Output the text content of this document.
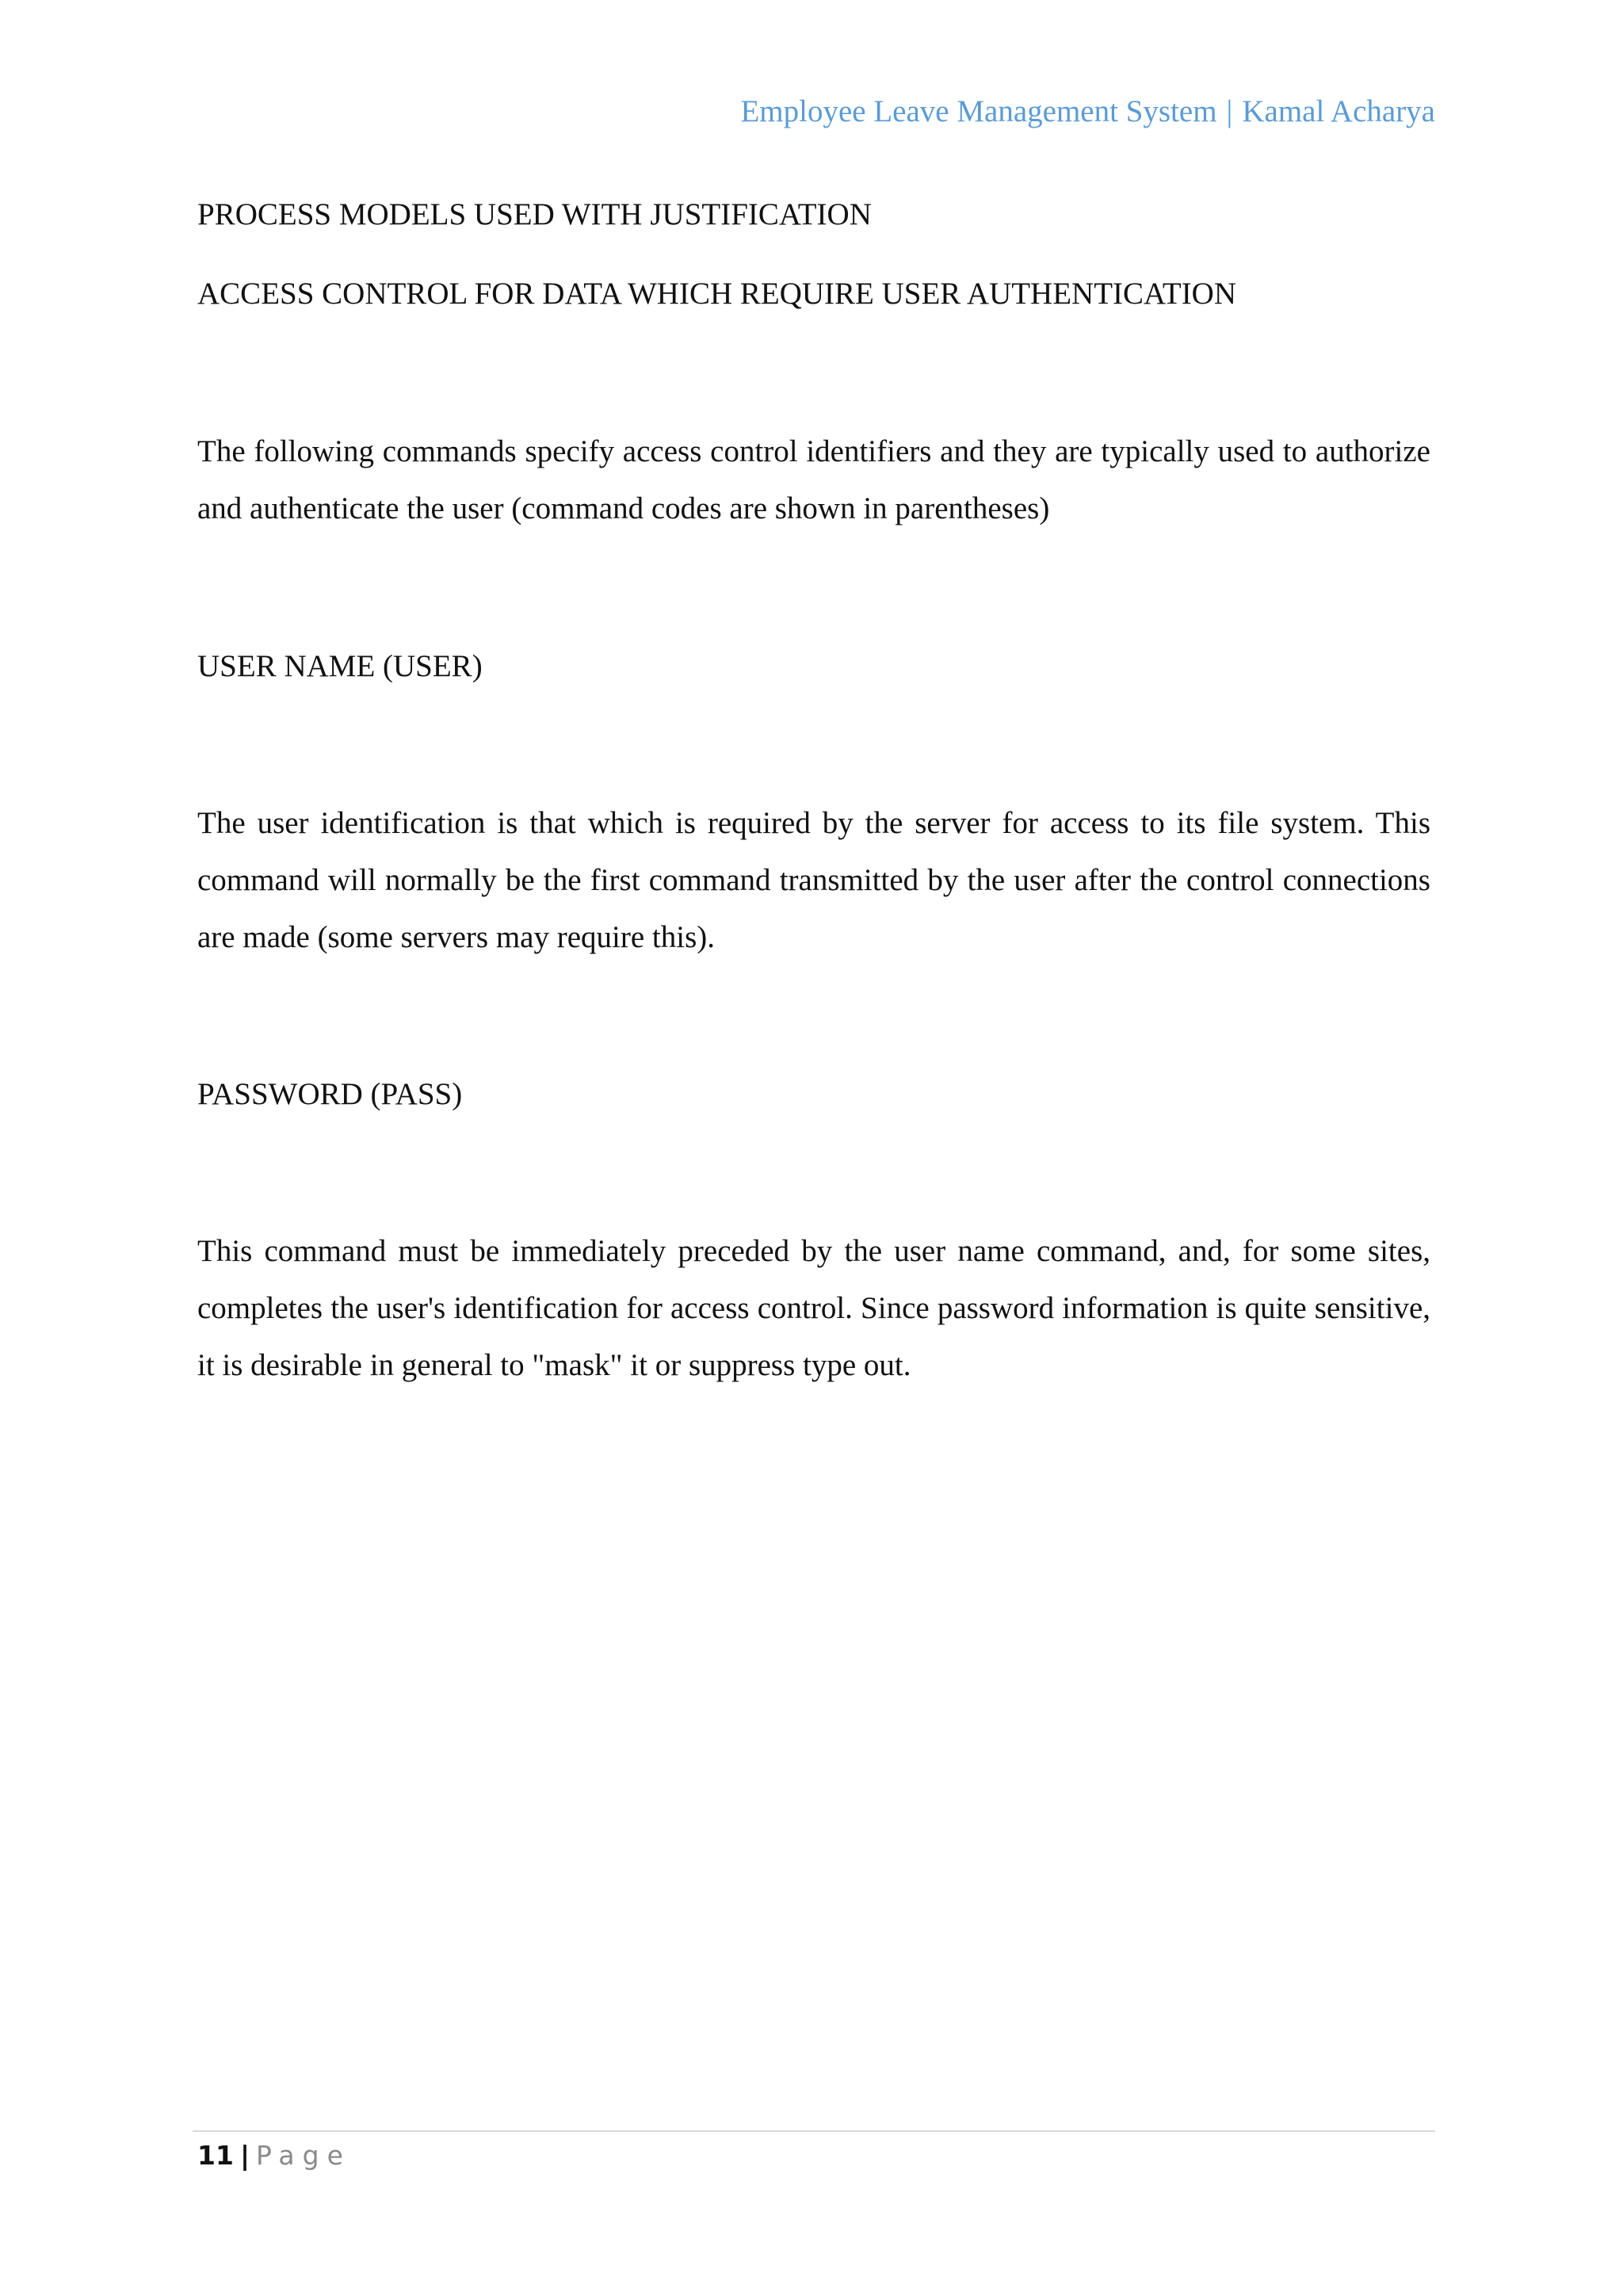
Employee Leave Management System | Kamal Acharya
PROCESS MODELS USED WITH JUSTIFICATION
ACCESS CONTROL FOR DATA WHICH REQUIRE USER AUTHENTICATION

The following commands specify access control identifiers and they are typically used to authorize and authenticate the user (command codes are shown in parentheses)

USER NAME (USER)

The user identification is that which is required by the server for access to its file system. This command will normally be the first command transmitted by the user after the control connections are made (some servers may require this).

PASSWORD (PASS)

This command must be immediately preceded by the user name command, and, for some sites, completes the user's identification for access control. Since password information is quite sensitive, it is desirable in general to "mask" it or suppress type out.

11 | Page
